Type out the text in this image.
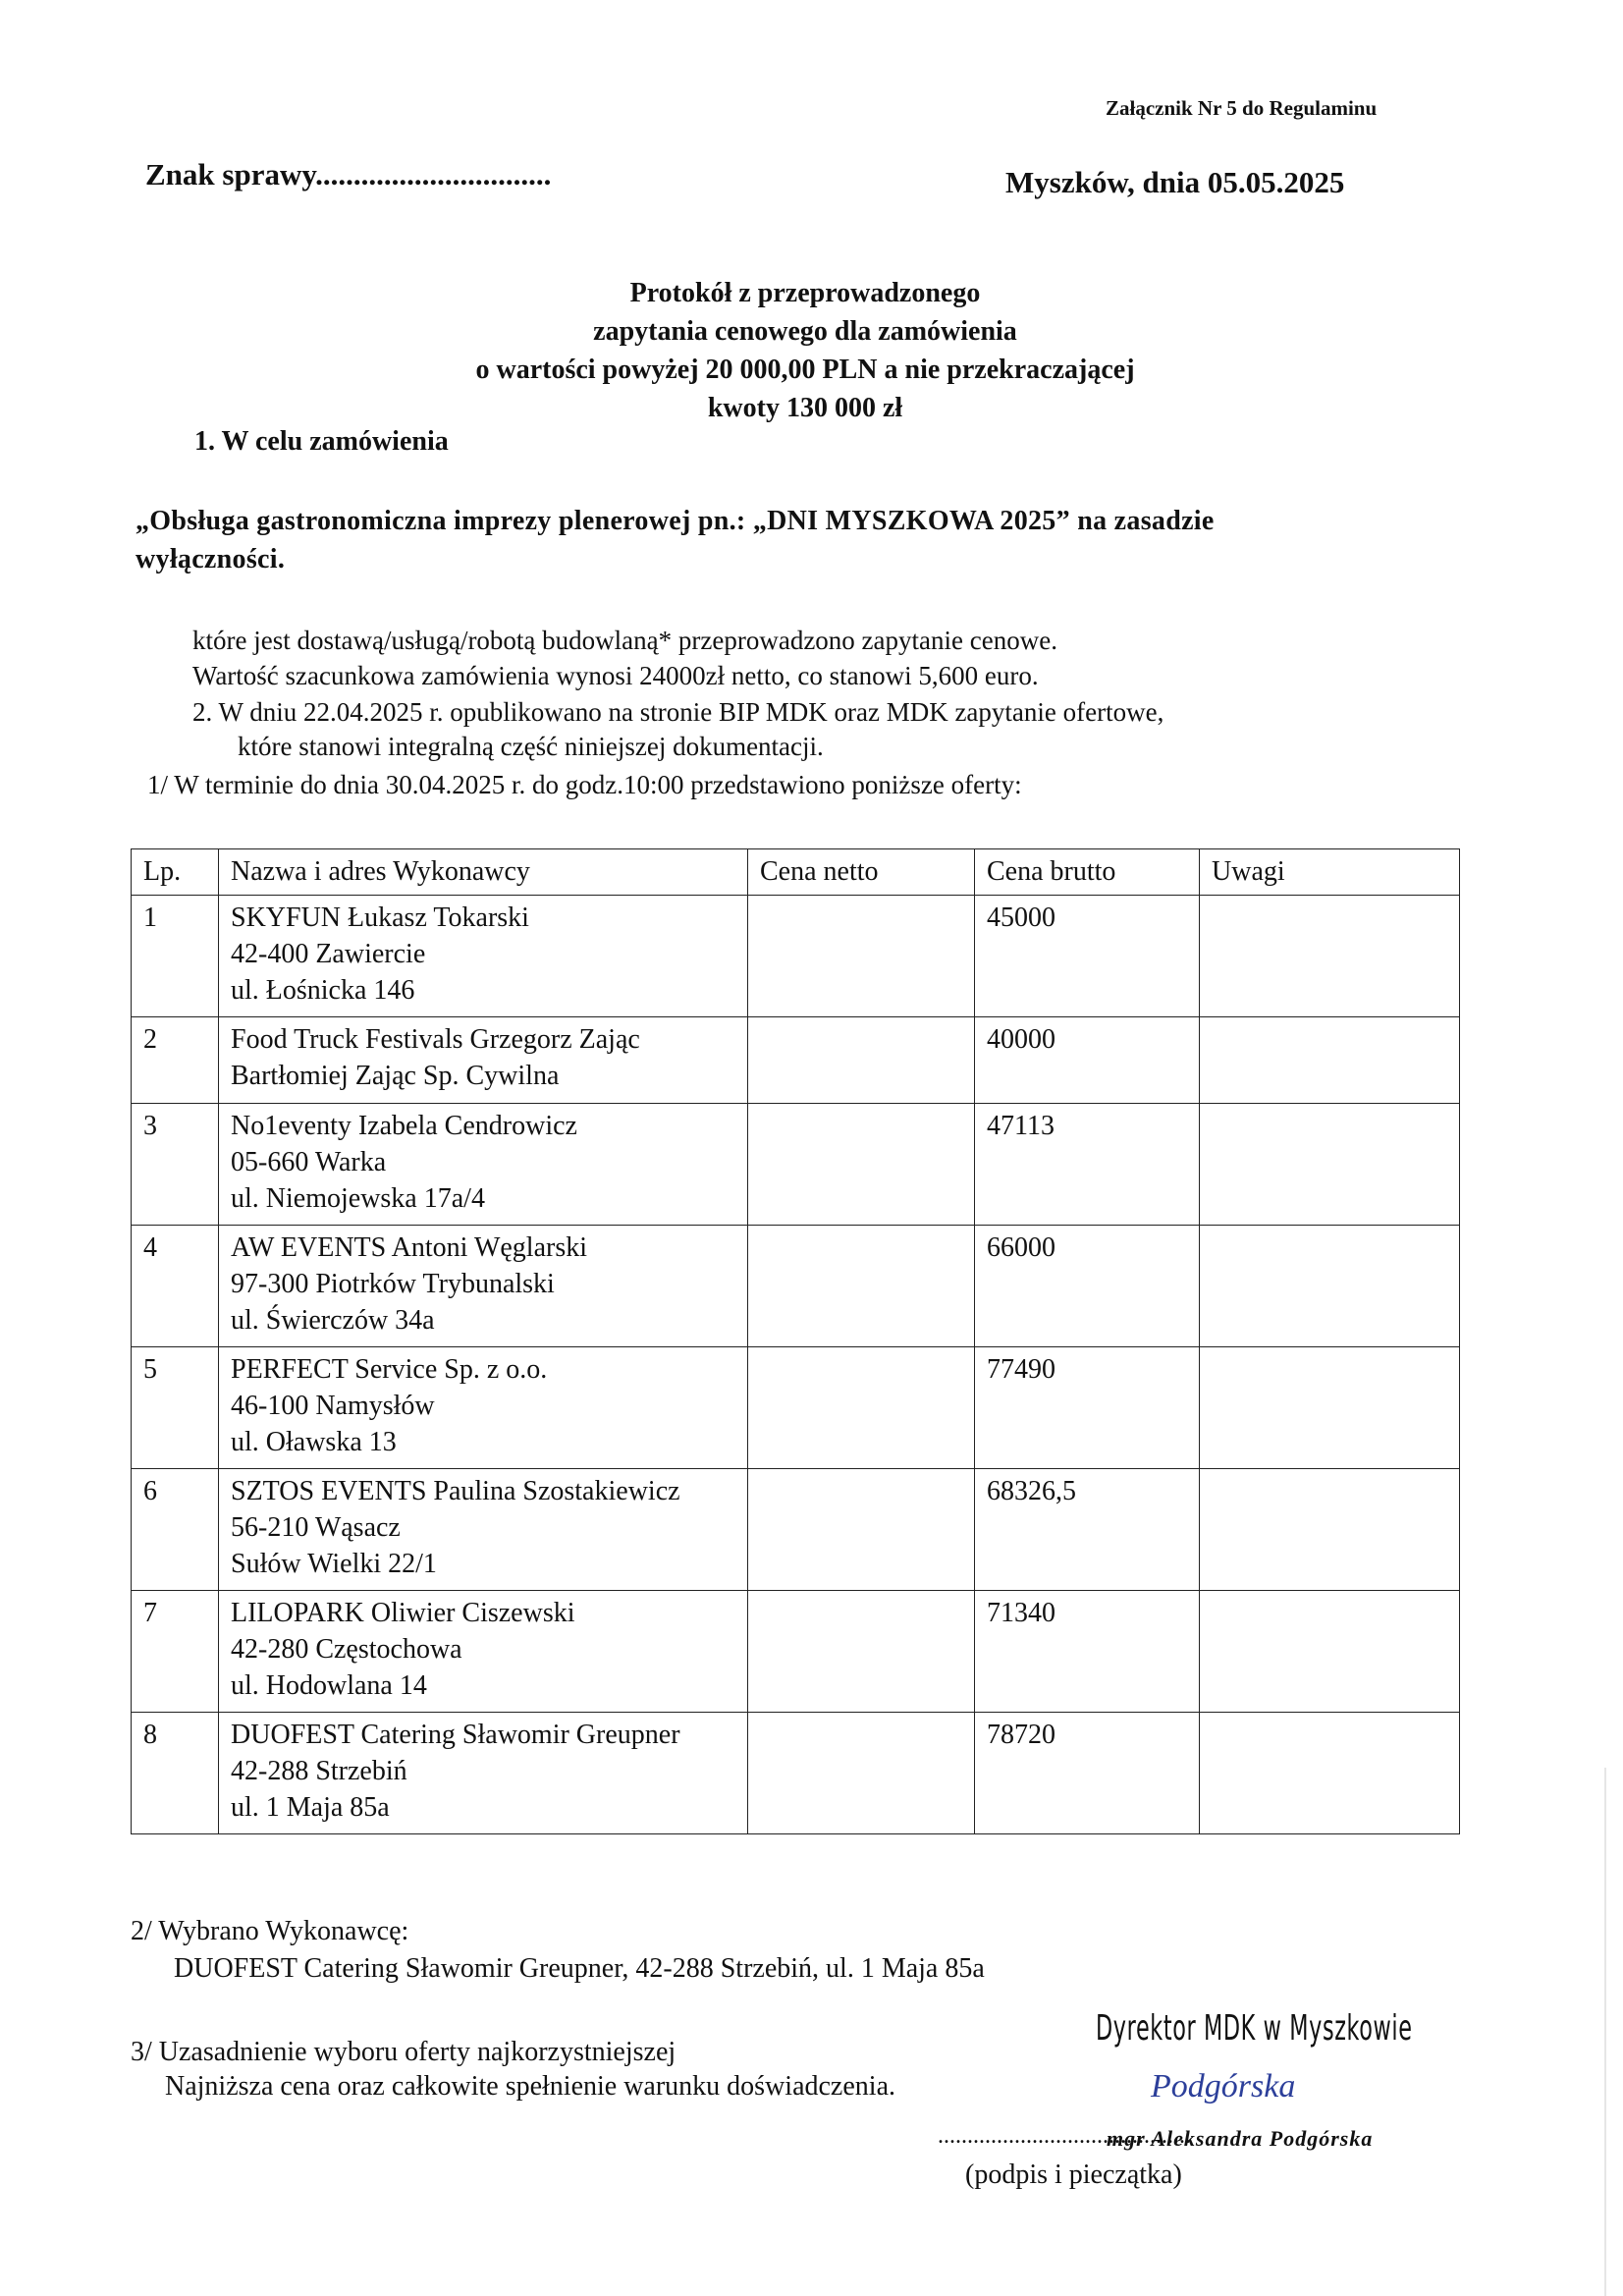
Załącznik Nr 5 do Regulaminu
Znak sprawy...............................	Myszków, dnia 05.05.2025
Protokół z przeprowadzonego
zapytania cenowego dla zamówienia
o wartości powyżej 20 000,00 PLN a nie przekraczającej
kwoty 130 000 zł
1. W celu zamówienia
„Obsługa gastronomiczna imprezy plenerowej pn.: „DNI MYSZKOWA 2025” na zasadzie
wyłączności.
które jest dostawą/usługą/robotą budowlaną* przeprowadzono zapytanie cenowe.
Wartość szacunkowa zamówienia wynosi 24000zł netto, co stanowi 5,600 euro.
2. W dniu 22.04.2025 r. opublikowano na stronie BIP MDK oraz MDK zapytanie ofertowe,
które stanowi integralną część niniejszej dokumentacji.
1/ W terminie do dnia 30.04.2025 r. do godz.10:00 przedstawiono poniższe oferty:
Lp.	Nazwa i adres Wykonawcy	Cena netto	Cena brutto	Uwagi
1	SKYFUN Łukasz Tokarski
42-400 Zawiercie
ul. Łośnicka 146		45000	
2	Food Truck Festivals Grzegorz Zając
Bartłomiej Zając Sp. Cywilna		40000	
3	No1eventy Izabela Cendrowicz
05-660 Warka
ul. Niemojewska 17a/4		47113	
4	AW EVENTS Antoni Węglarski
97-300 Piotrków Trybunalski
ul. Świerczów 34a		66000	
5	PERFECT Service Sp. z o.o.
46-100 Namysłów
ul. Oławska 13		77490	
6	SZTOS EVENTS Paulina Szostakiewicz
56-210 Wąsacz
Sułów Wielki 22/1		68326,5	
7	LILOPARK Oliwier Ciszewski
42-280 Częstochowa
ul. Hodowlana 14		71340	
8	DUOFEST Catering Sławomir Greupner
42-288 Strzebiń
ul. 1 Maja 85a		78720	
2/ Wybrano Wykonawcę:
DUOFEST Catering Sławomir Greupner, 42-288 Strzebiń, ul. 1 Maja 85a
3/ Uzasadnienie wyboru oferty najkorzystniejszej
Najniższa cena oraz całkowite spełnienie warunku doświadczenia.
Dyrektor MDK w Myszkowie
Podgórska
...........................................
mgr Aleksandra Podgórska
(podpis i pieczątka)
